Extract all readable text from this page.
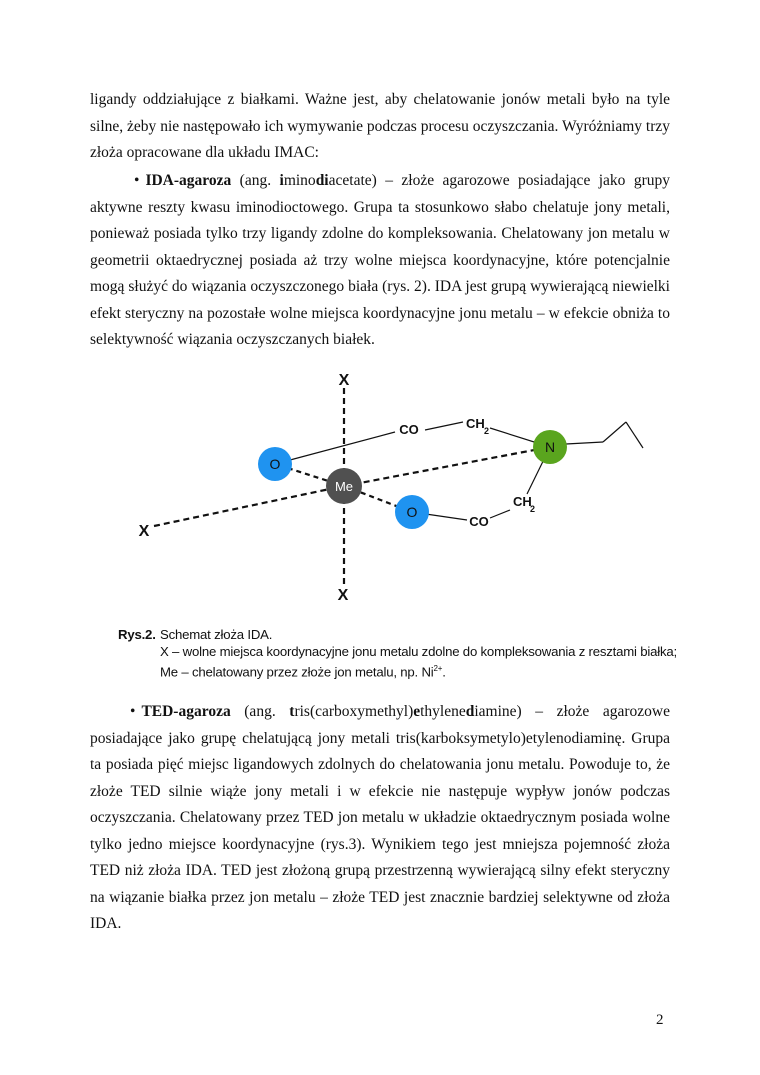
ligandy oddziałujące z białkami. Ważne jest, aby chelatowanie jonów metali było na tyle silne, żeby nie następowało ich wymywanie podczas procesu oczyszczania. Wyróżniamy trzy złoża opracowane dla układu IMAC:

• IDA-agaroza (ang. iminodiacetate) – złoże agarozowe posiadające jako grupy aktywne reszty kwasu iminodioctowego. Grupa ta stosunkowo słabo chelatuje jony metali, ponieważ posiada tylko trzy ligandy zdolne do kompleksowania. Chelatowany jon metalu w geometrii oktaedrycznej posiada aż trzy wolne miejsca koordynacyjne, które potencjalnie mogą służyć do wiązania oczyszczonego biała (rys. 2). IDA jest grupą wywierającą niewielki efekt steryczny na pozostałe wolne miejsca koordynacyjne jonu metalu – w efekcie obniża to selektywność wiązania oczyszczanych białek.

O
O
Me
N
X
X
X
CO	CH 2
CH
2
CO
Rys.2. Schemat złoża IDA.
X – wolne miejsca koordynacyjne jonu metalu zdolne do kompleksowania z resztami białka;
Me – chelatowany przez złoże jon metalu, np. $Ni^{2+}$.

• TED-agaroza (ang. tris(carboxymethyl)ethylenediamine) – złoże agarozowe posiadające jako grupę chelatującą jony metali tris(karboksymetylo)etylenodiaminę. Grupa ta posiada pięć miejsc ligandowych zdolnych do chelatowania jonu metalu. Powoduje to, że złoże TED silnie wiąże jony metali i w efekcie nie następuje wypływ jonów podczas oczyszczania. Chelatowany przez TED jon metalu w układzie oktaedrycznym posiada wolne tylko jedno miejsce koordynacyjne (rys.3). Wynikiem tego jest mniejsza pojemność złoża TED niż złoża IDA. TED jest złożoną grupą przestrzenną wywierającą silny efekt steryczny na wiązanie białka przez jon metalu – złoże TED jest znacznie bardziej selektywne od złoża IDA.

2
